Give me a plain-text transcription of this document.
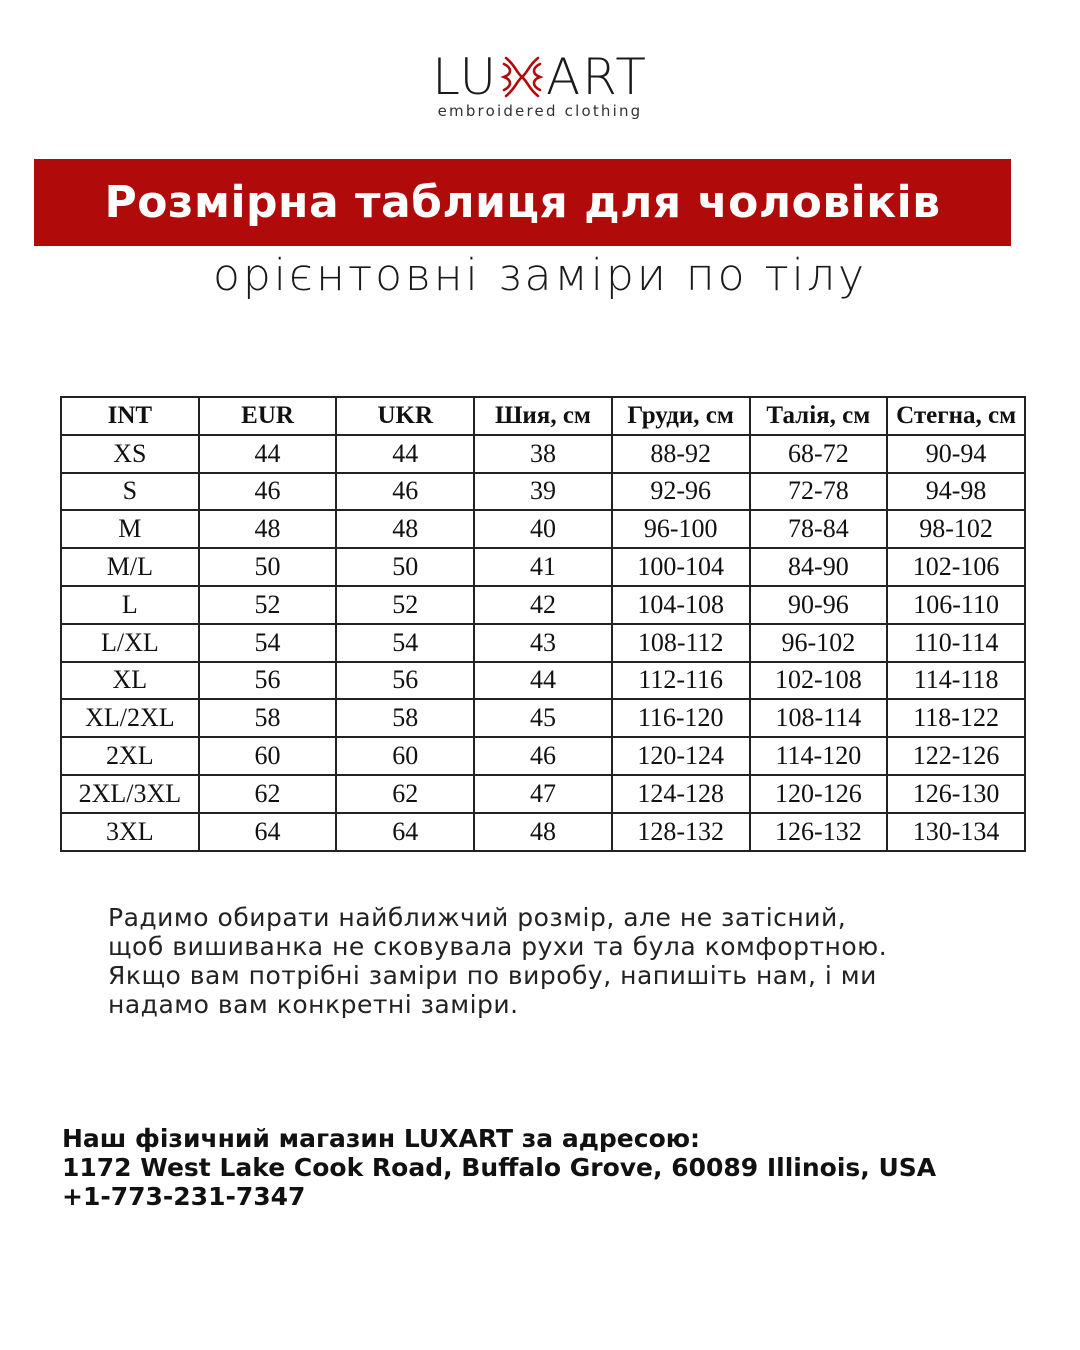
LU ART
embroidered clothing
Розмірна таблиця для чоловіків
орієнтовні заміри по тілу
INT	EUR	UKR	Шия, см	Груди, см	Талія, см	Стегна, см
XS	44	44	38	88-92	68-72	90-94
S	46	46	39	92-96	72-78	94-98
M	48	48	40	96-100	78-84	98-102
M/L	50	50	41	100-104	84-90	102-106
L	52	52	42	104-108	90-96	106-110
L/XL	54	54	43	108-112	96-102	110-114
XL	56	56	44	112-116	102-108	114-118
XL/2XL	58	58	45	116-120	108-114	118-122
2XL	60	60	46	120-124	114-120	122-126
2XL/3XL	62	62	47	124-128	120-126	126-130
3XL	64	64	48	128-132	126-132	130-134
Радимо обирати найближчий розмір, але не затісний,
щоб вишиванка не сковувала рухи та була комфортною.
Якщо вам потрібні заміри по виробу, напишіть нам, і ми
надамо вам конкретні заміри.
Наш фізичний магазин LUXART за адресою:
1172 West Lake Cook Road, Buffalo Grove, 60089 Illinois, USA
+1-773-231-7347
